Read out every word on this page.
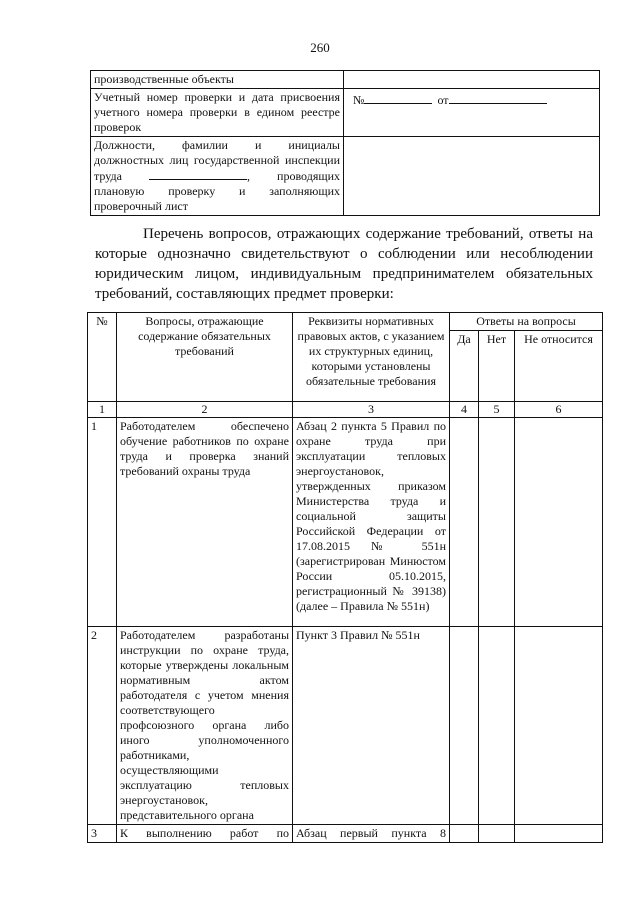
260
производственные объекты	
Учетный номер проверки и дата присвоения учетного номера проверки в едином реестре проверок	№ от
Должности, фамилии и инициалы должностных лиц государственной инспекции труда , проводящих плановую проверку и заполняющих проверочный лист	
Перечень вопросов, отражающих содержание требований, ответы на которые однозначно свидетельствуют о соблюдении или несоблюдении юридическим лицом, индивидуальным предпринимателем обязательных требований, составляющих предмет проверки:
№	Вопросы, отражающие содержание обязательных требований	Реквизиты нормативных правовых актов, с указанием их структурных единиц, которыми установлены обязательные требования	Ответы на вопросы		
			Да	Нет	Не относится
1	2	3	4	5	6
1	Работодателем обеспечено обучение работников по охране труда и проверка знаний требований охраны труда	Абзац 2 пункта 5 Правил по охране труда при эксплуатации тепловых энергоустановок, утвержденных приказом Министерства труда и социальной защиты Российской Федерации от 17.08.2015 № 551н (зарегистрирован Минюстом России 05.10.2015, регистрационный № 39138) (далее – Правила № 551н)			
2	Работодателем разработаны инструкции по охране труда, которые утверждены локальным нормативным актом работодателя с учетом мнения соответствующего профсоюзного органа либо иного уполномоченного работниками, осуществляющими эксплуатацию тепловых энергоустановок, представительного органа	Пункт 3 Правил № 551н			
3	К выполнению работ по	Абзац первый пункта 8			
